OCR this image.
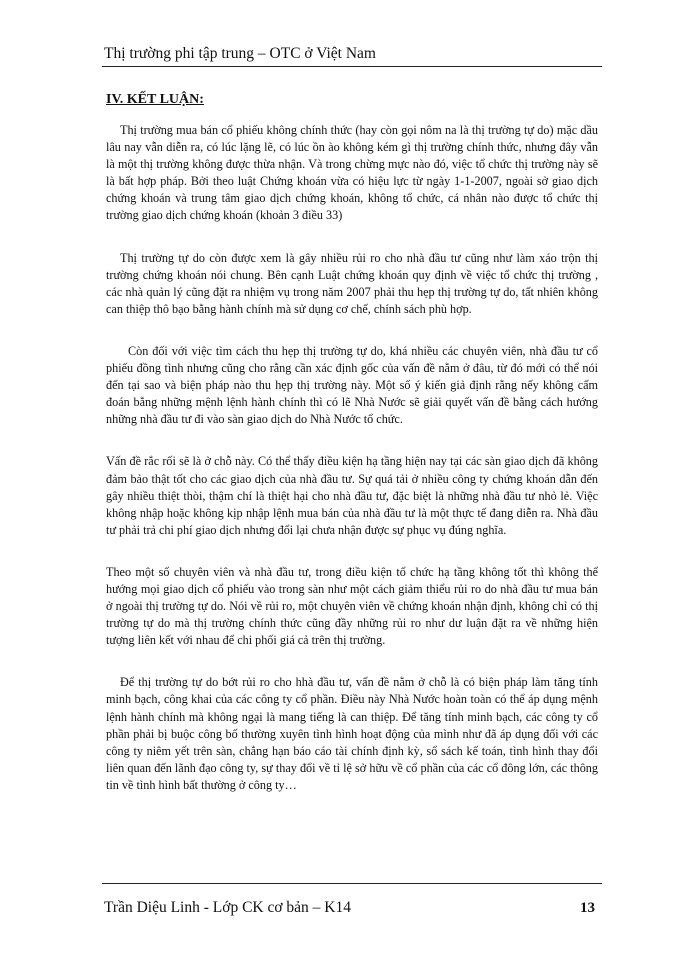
Thị trường phi tập trung – OTC ở Việt Nam
IV. KẾT LUẬN:

Thị trường mua bán cổ phiếu không chính thức (hay còn gọi nôm na là thị trường tự do) mặc dầu lâu nay vẫn diễn ra, có lúc lặng lẽ, có lúc ồn ào không kém gì thị trường chính thức, nhưng đây vẫn là một thị trường không được thừa nhận. Và trong chừng mực nào đó, việc tổ chức thị trường này sẽ là bất hợp pháp. Bởi theo luật Chứng khoán vừa có hiệu lực từ ngày 1-1-2007, ngoài sở giao dịch chứng khoán và trung tâm giao dịch chứng khoán, không tổ chức, cá nhân nào được tổ chức thị trường giao dịch chứng khoán (khoản 3 điều 33)

Thị trường tự do còn được xem là gây nhiều rủi ro cho nhà đầu tư cũng như làm xáo trộn thị trường chứng khoán nói chung. Bên cạnh Luật chứng khoán quy định về việc tổ chức thị trường , các nhà quản lý cũng đặt ra nhiệm vụ trong năm 2007 phải thu hẹp thị trường tự do, tất nhiên không can thiệp thô bạo bằng hành chính mà sử dụng cơ chế, chính sách phù hợp.

Còn đối với việc tìm cách thu hẹp thị trường tự do, khá nhiều các chuyên viên, nhà đầu tư cổ phiếu đồng tình nhưng cũng cho rằng cần xác định gốc của vấn đề nằm ở đâu, từ đó mới có thể nói đến tại sao và biện pháp nào thu hẹp thị trường này. Một số ý kiến giả định rằng nếy không cấm đoán bằng những mệnh lệnh hành chính thì có lẽ Nhà Nước sẽ giải quyết vấn đề bằng cách hướng những nhà đầu tư đi vào sàn giao dịch do Nhà Nước tổ chức.

Vấn đề rắc rối sẽ là ở chỗ này. Có thể thấy điều kiện hạ tầng hiện nay tại các sàn giao dịch đã không đảm bảo thật tốt cho các giao dịch của nhà đầu tư. Sự quá tải ở nhiều công ty chứng khoán dẫn đến gây nhiều thiệt thòi, thậm chí là thiệt hại cho nhà đầu tư, đặc biệt là những nhà đầu tư nhỏ lẻ. Việc không nhập hoặc không kịp nhập lệnh mua bán của nhà đầu tư là một thực tế đang diễn ra. Nhà đầu tư phải trả chi phí giao dịch nhưng đổi lại chưa nhận được sự phục vụ đúng nghĩa.

Theo một số chuyên viên và nhà đầu tư, trong điều kiện tổ chức hạ tầng không tốt thì không thể hướng mọi giao dịch cổ phiếu vào trong sàn như một cách giảm thiểu rủi ro do nhà đầu tư mua bán ở ngoài thị trường tự do. Nói về rủi ro, một chuyên viên về chứng khoán nhận định, không chỉ có thị trường tự do mà thị trường chính thức cũng đầy những rủi ro như dư luận đặt ra về những hiện tượng liên kết với nhau để chi phối giá cả trên thị trường.

Để thị trường tự do bớt rủi ro cho hhà đầu tư, vấn đề nằm ở chỗ là có biện pháp làm tăng tính minh bạch, công khai của các công ty cổ phần. Điều này Nhà Nước hoàn toàn có thể áp dụng mệnh lệnh hành chính mà không ngại là mang tiếng là can thiệp. Để tăng tính minh bạch, các công ty cổ phần phải bị buộc công bố thường xuyên tình hình hoạt động của mình như đã áp dụng đối với các công ty niêm yết trên sàn, chẳng hạn báo cáo tài chính định kỳ, sổ sách kế toán, tình hình thay đổi liên quan đến lãnh đạo công ty, sự thay đổi về tỉ lệ sở hữu về cổ phần của các cổ đông lớn, các thông tin về tình hình bất thường ở công ty…

Trần Diệu Linh - Lớp CK cơ bản – K14	13
